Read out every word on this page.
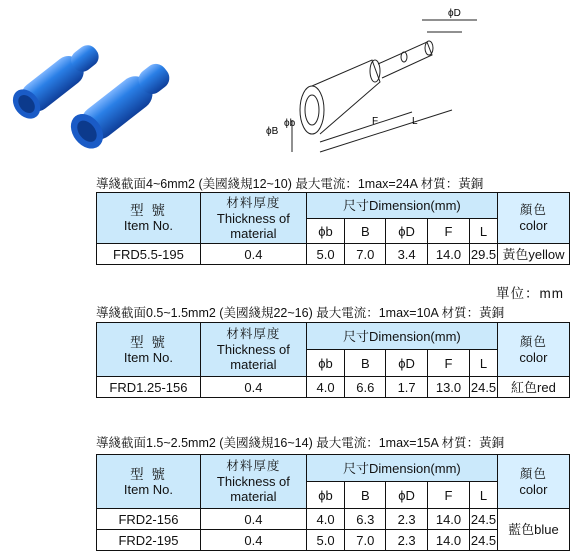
ϕD
ϕB
ϕb	F	L
導綫截面4~6mm2 (美國綫規12~10) 最大電流：1max=24A 材質：黃銅
型 號
Item No.	材料厚度
Thickness of
material	尺寸Dimension(mm)					顏色
color

		ϕb	B	ϕD	F	L	
FRD5.5-195	0.4	5.0	7.0	3.4	14.0	29.5	黃色yellow
單位：mm
導綫截面0.5~1.5mm2 (美國綫規22~16) 最大電流：1max=10A 材質：黃銅
型 號
Item No.	材料厚度
Thickness of
material	尺寸Dimension(mm)					顏色
color

		ϕb	B	ϕD	F	L	
FRD1.25-156	0.4	4.0	6.6	1.7	13.0	24.5	紅色red
導綫截面1.5~2.5mm2 (美國綫規16~14) 最大電流：1max=15A 材質：黃銅
型 號
Item No.	材料厚度
Thickness of
material	尺寸Dimension(mm)					顏色
color

		ϕb	B	ϕD	F	L	
FRD2-156	0.4	4.0	6.3	2.3	14.0	24.5	藍色blue
FRD2-195	0.4	5.0	7.0	2.3	14.0	24.5	
